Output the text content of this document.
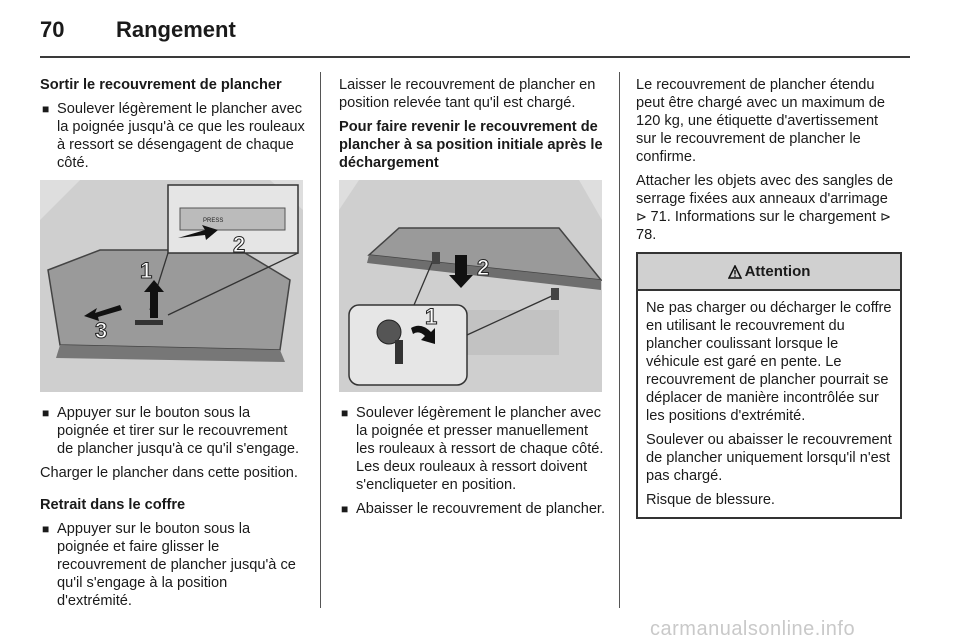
70 Rangement

Sortir le recouvrement de plancher

■ Soulever légèrement le plancher avec la poignée jusqu'à ce que les rouleaux à ressort se désengagent de chaque côté.
PRESS
1
2
3
■ Appuyer sur le bouton sous la poignée et tirer sur le recouvrement de plancher jusqu'à ce qu'il s'engage.

Charger le plancher dans cette position.

Retrait dans le coffre

■ Appuyer sur le bouton sous la poignée et faire glisser le recouvrement de plancher jusqu'à ce qu'il s'engage à la position d'extrémité.

Laisser le recouvrement de plancher en position relevée tant qu'il est chargé.

Pour faire revenir le recouvrement de plancher à sa position initiale après le déchargement

1
2
■ Soulever légèrement le plancher avec la poignée et presser manuellement les rouleaux à ressort de chaque côté. Les deux rouleaux à ressort doivent s'encliqueter en position.
■ Abaisser le recouvrement de plancher.

Le recouvrement de plancher étendu peut être chargé avec un maximum de 120 kg, une étiquette d'avertissement sur le recouvrement de plancher le confirme.

Attacher les objets avec des sangles de serrage fixées aux anneaux d'arrimage ⊳ 71. Informations sur le chargement ⊳ 78.

Attention

Ne pas charger ou décharger le coffre en utilisant le recouvrement du plancher coulissant lorsque le véhicule est garé en pente. Le recouvrement de plancher pourrait se déplacer de manière incontrôlée sur les positions d'extrémité.

Soulever ou abaisser le recouvrement de plancher uniquement lorsqu'il n'est pas chargé.

Risque de blessure.

carmanualsonline.info
